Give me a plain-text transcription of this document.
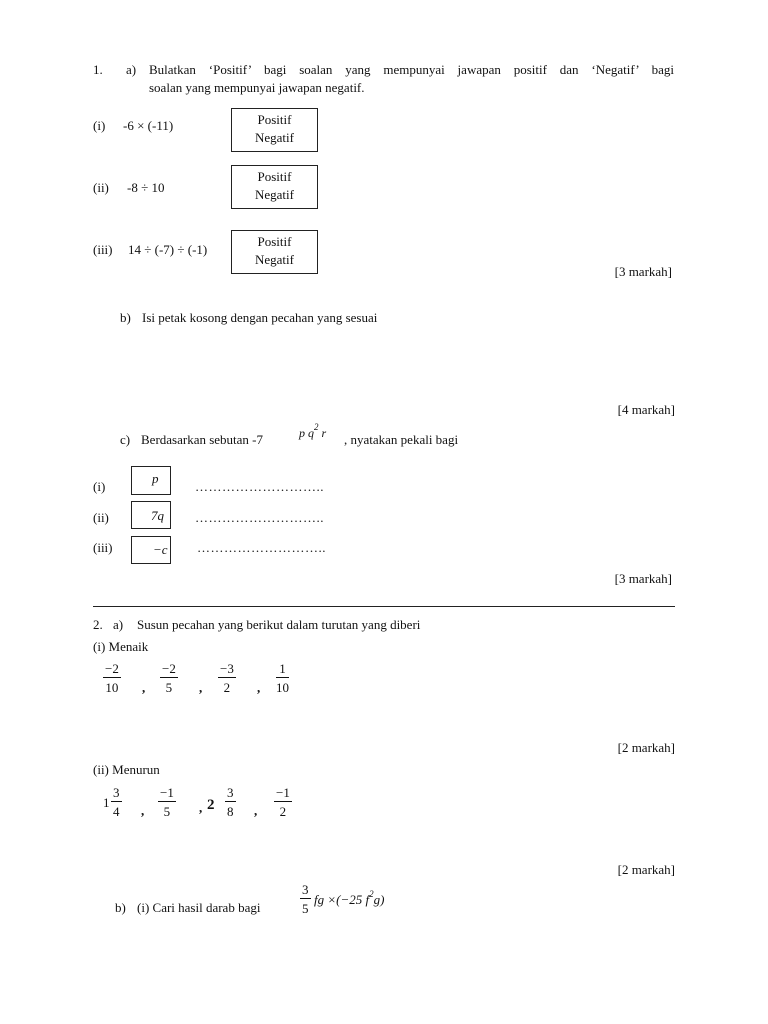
1. a) Bulatkan ‘Positif’ bagi soalan yang mempunyai jawapan positif dan ‘Negatif’ bagi
soalan yang mempunyai jawapan negatif.
(i) -6 × (-11)	Positif
Negatif
(ii) -8 ÷ 10
Positif
Negatif
(iii) 14 ÷ (-7) ÷ (-1)
Positif
Negatif
[3 markah]
b) Isi petak kosong dengan pecahan yang sesuai
[4 markah]
c) Berdasarkan sebutan -7	p $q^2$ r , nyatakan pekali bagi
(i)
p
………………………..
(ii)	7q ………………………..
(iii)	−c ………………………..
[3 markah]
2. a) Susun pecahan yang berikut dalam turutan yang diberi
(i) Menaik
−2
10 ,
−2
5 ,
−3
2 ,
1
10
[2 markah]
(ii) Menurun
1
3
4 ,
−1
5 , 2
3
8 ,
−1
2
[2 markah]
b) (i) Cari hasil darab bagi
3
5
fg ×(−25 $f^2g$)
